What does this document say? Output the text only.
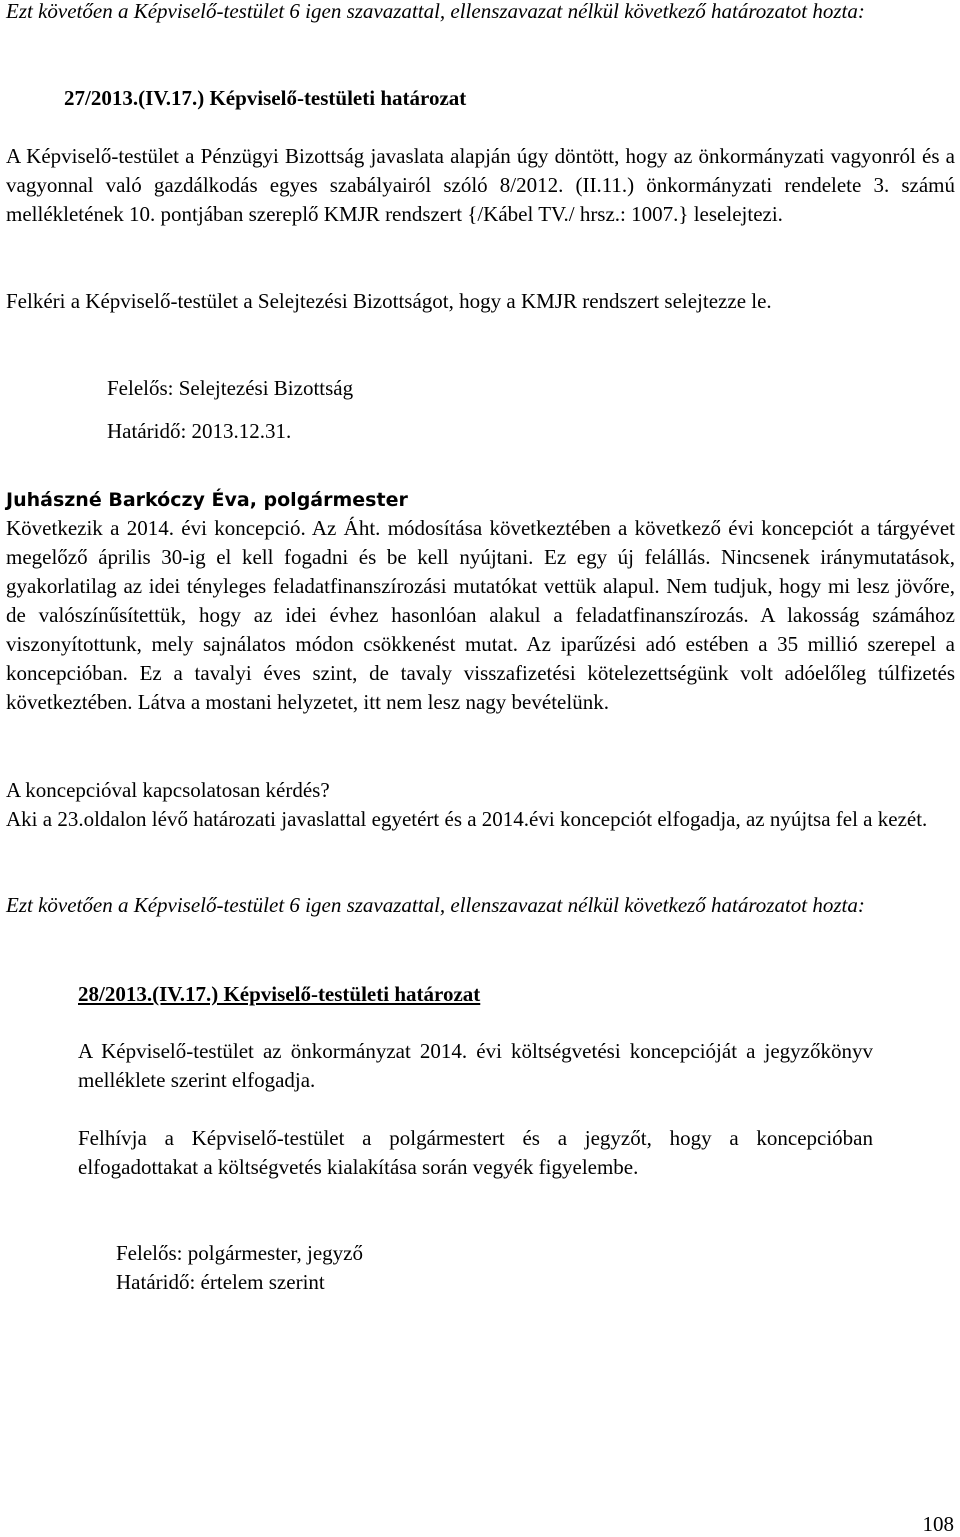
Ezt követően a Képviselő-testület 6 igen szavazattal, ellenszavazat nélkül következő határozatot hozta:

27/2013.(IV.17.) Képviselő-testületi határozat

A Képviselő-testület a Pénzügyi Bizottság javaslata alapján úgy döntött, hogy az önkormányzati vagyonról és a vagyonnal való gazdálkodás egyes szabályairól szóló 8/2012. (II.11.) önkormányzati rendelete 3. számú mellékletének 10. pontjában szereplő KMJR rendszert {/Kábel TV./ hrsz.: 1007.} leselejtezi.

Felkéri a Képviselő-testület a Selejtezési Bizottságot, hogy a KMJR rendszert selejtezze le.

Felelős: Selejtezési Bizottság

Határidő: 2013.12.31.

Juhászné Barkóczy Éva, polgármester

Következik a 2014. évi koncepció. Az Áht. módosítása következtében a következő évi koncepciót a tárgyévet megelőző április 30-ig el kell fogadni és be kell nyújtani. Ez egy új felállás. Nincsenek iránymutatások, gyakorlatilag az idei tényleges feladatfinanszírozási mutatókat vettük alapul. Nem tudjuk, hogy mi lesz jövőre, de valószínűsítettük, hogy az idei évhez hasonlóan alakul a feladatfinanszírozás. A lakosság számához viszonyítottunk, mely sajnálatos módon csökkenést mutat. Az iparűzési adó estében a 35 millió szerepel a koncepcióban. Ez a tavalyi éves szint, de tavaly visszafizetési kötelezettségünk volt adóelőleg túlfizetés következtében. Látva a mostani helyzetet, itt nem lesz nagy bevételünk.

A koncepcióval kapcsolatosan kérdés?

Aki a 23.oldalon lévő határozati javaslattal egyetért és a 2014.évi koncepciót elfogadja, az nyújtsa fel a kezét.

Ezt követően a Képviselő-testület 6 igen szavazattal, ellenszavazat nélkül következő határozatot hozta:

28/2013.(IV.17.) Képviselő-testületi határozat

A Képviselő-testület az önkormányzat 2014. évi költségvetési koncepcióját a jegyzőkönyv melléklete szerint elfogadja.

Felhívja a Képviselő-testület a polgármestert és a jegyzőt, hogy a koncepcióban elfogadottakat a költségvetés kialakítása során vegyék figyelembe.

Felelős: polgármester, jegyző

Határidő: értelem szerint

108
